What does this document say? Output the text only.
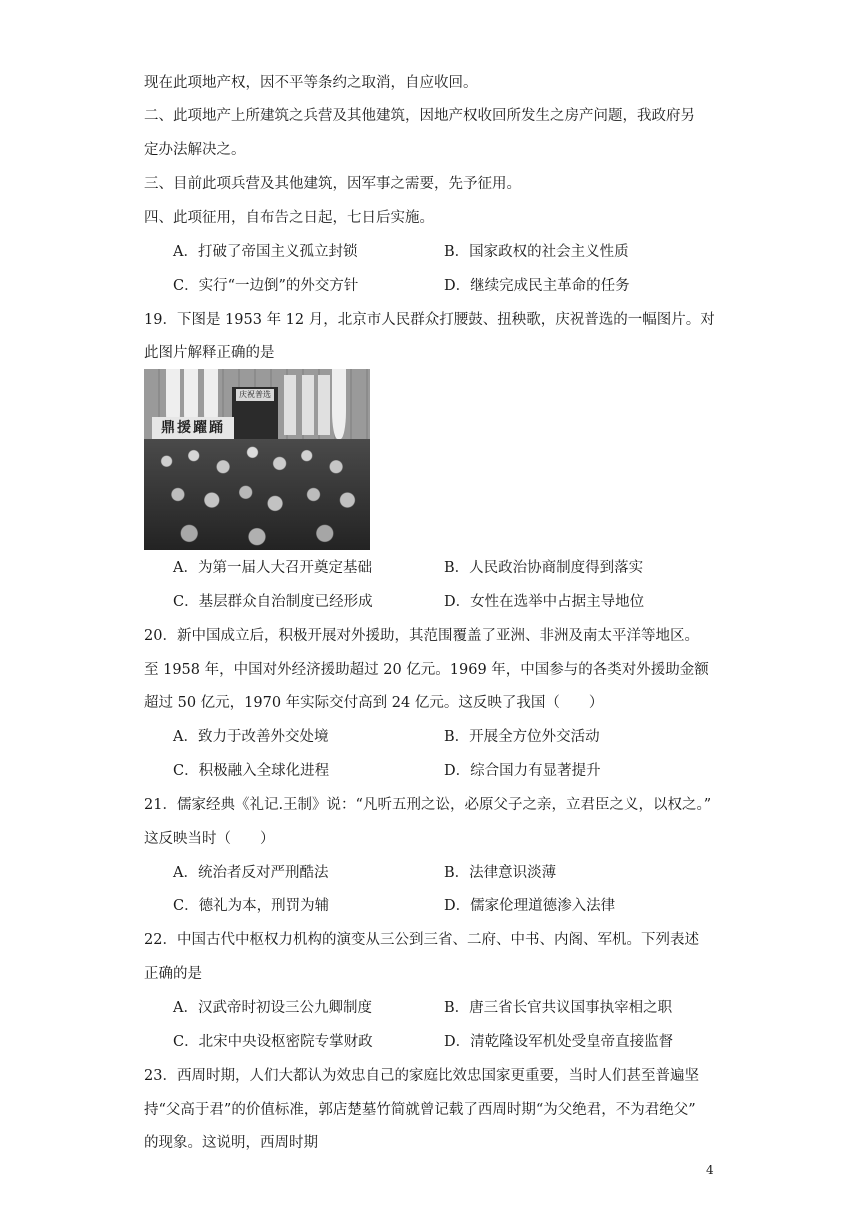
现在此项地产权，因不平等条约之取消，自应收回。
二、此项地产上所建筑之兵营及其他建筑，因地产权收回所发生之房产问题，我政府另
定办法解决之。
三、目前此项兵营及其他建筑，因军事之需要，先予征用。
四、此项征用，自布告之日起，七日后实施。
A．打破了帝国主义孤立封锁	B．国家政权的社会主义性质
C．实行“一边倒”的外交方针	D．继续完成民主革命的任务
19．下图是 1953 年 12 月，北京市人民群众打腰鼓、扭秧歌，庆祝普选的一幅图片。对
此图片解释正确的是
庆祝普选
鼎援躍踊
A．为第一届人大召开奠定基础	B．人民政治协商制度得到落实
C．基层群众自治制度已经形成	D．女性在选举中占据主导地位
20．新中国成立后，积极开展对外援助，其范围覆盖了亚洲、非洲及南太平洋等地区。
至 1958 年，中国对外经济援助超过 20 亿元。1969 年，中国参与的各类对外援助金额
超过 50 亿元，1970 年实际交付高到 24 亿元。这反映了我国（　　）
A．致力于改善外交处境	B．开展全方位外交活动
C．积极融入全球化进程	D．综合国力有显著提升
21．儒家经典《礼记.王制》说：“凡听五刑之讼，必原父子之亲，立君臣之义，以权之。”
这反映当时（　　）
A．统治者反对严刑酷法	B．法律意识淡薄
C．德礼为本，刑罚为辅	D．儒家伦理道德渗入法律
22．中国古代中枢权力机构的演变从三公到三省、二府、中书、内阁、军机。下列表述
正确的是
A．汉武帝时初设三公九卿制度	B．唐三省长官共议国事执宰相之职
C．北宋中央设枢密院专掌财政	D．清乾隆设军机处受皇帝直接监督
23．西周时期，人们大都认为效忠自己的家庭比效忠国家更重要，当时人们甚至普遍坚
持“父高于君”的价值标准，郭店楚墓竹简就曾记载了西周时期“为父绝君，不为君绝父”
的现象。这说明，西周时期
4
